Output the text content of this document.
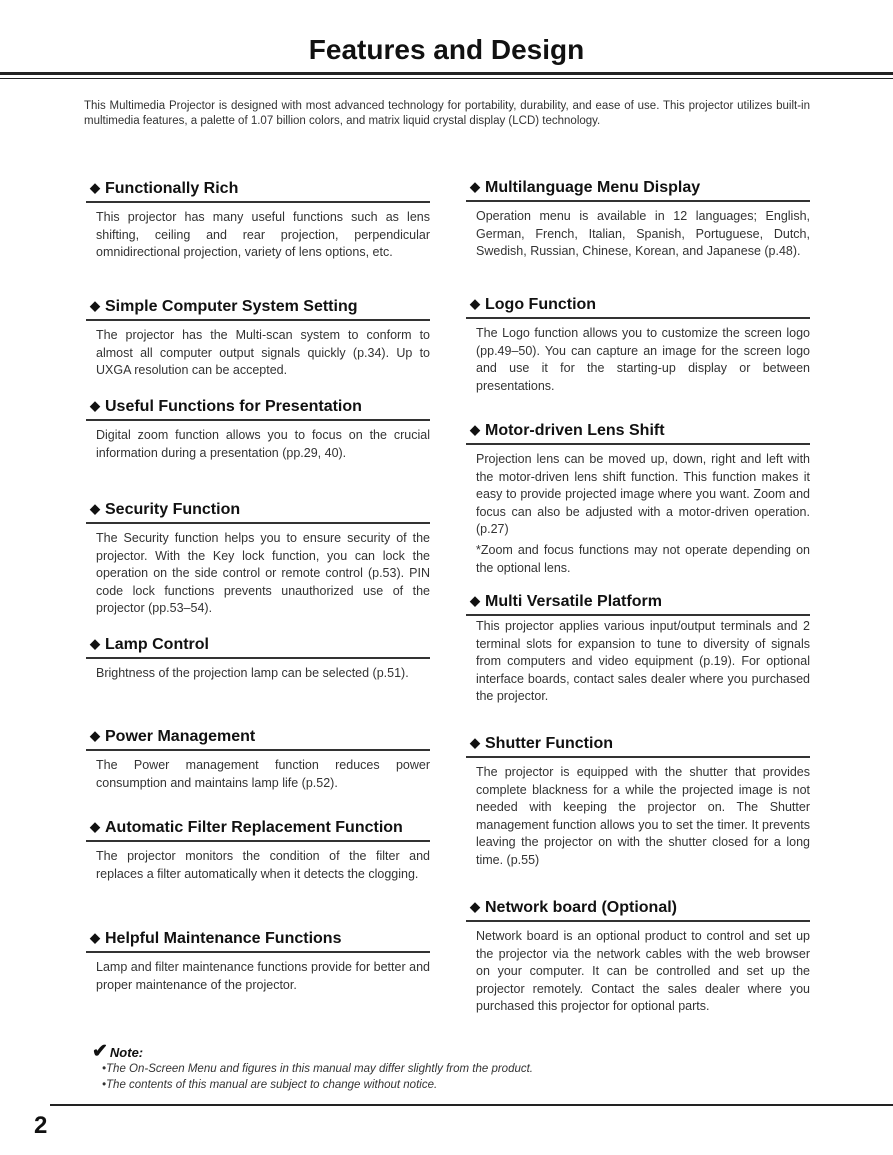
Features and Design
This Multimedia Projector is designed with most advanced technology for portability, durability, and ease of use. This projector utilizes built-in multimedia features, a palette of 1.07 billion colors, and matrix liquid crystal display (LCD) technology.
◆ Functionally Rich

This projector has many useful functions such as lens shifting, ceiling and rear projection, perpendicular omnidirectional projection, variety of lens options, etc.

◆ Simple Computer System Setting

The projector has the Multi-scan system to conform to almost all computer output signals quickly (p.34). Up to UXGA resolution can be accepted.

◆ Useful Functions for Presentation

Digital zoom function allows you to focus on the crucial information during a presentation (pp.29, 40).

◆ Security Function

The Security function helps you to ensure security of the projector. With the Key lock function, you can lock the operation on the side control or remote control (p.53). PIN code lock functions prevents unauthorized use of the projector (pp.53–54).

◆ Lamp Control

Brightness of the projection lamp can be selected (p.51).

◆ Power Management

The Power management function reduces power consumption and maintains lamp life (p.52).

◆ Automatic Filter Replacement Function

The projector monitors the condition of the filter and replaces a filter automatically when it detects the clogging.

◆ Helpful Maintenance Functions

Lamp and filter maintenance functions provide for better and proper maintenance of the projector.

◆ Multilanguage Menu Display

Operation menu is available in 12 languages; English, German, French, Italian, Spanish, Portuguese, Dutch, Swedish, Russian, Chinese, Korean, and Japanese (p.48).

◆ Logo Function

The Logo function allows you to customize the screen logo (pp.49–50). You can capture an image for the screen logo and use it for the starting-up display or between presentations.

◆ Motor-driven Lens Shift

Projection lens can be moved up, down, right and left with the motor-driven lens shift function. This function makes it easy to provide projected image where you want. Zoom and focus can also be adjusted with a motor-driven operation. (p.27)

*Zoom and focus functions may not operate depending on the optional lens.

◆ Multi Versatile Platform

This projector applies various input/output terminals and 2 terminal slots for expansion to tune to diversity of signals from computers and video equipment (p.19). For optional interface boards, contact sales dealer where you purchased the projector.

◆ Shutter Function

The projector is equipped with the shutter that provides complete blackness for a while the projected image is not needed with keeping the projector on. The Shutter management function allows you to set the timer. It prevents leaving the projector on with the shutter closed for a long time. (p.55)

◆ Network board (Optional)

Network board is an optional product to control and set up the projector via the network cables with the web browser on your computer. It can be controlled and set up the projector remotely. Contact the sales dealer where you purchased this projector for optional parts.

✔ Note:
•The On-Screen Menu and figures in this manual may differ slightly from the product.
•The contents of this manual are subject to change without notice.
2
